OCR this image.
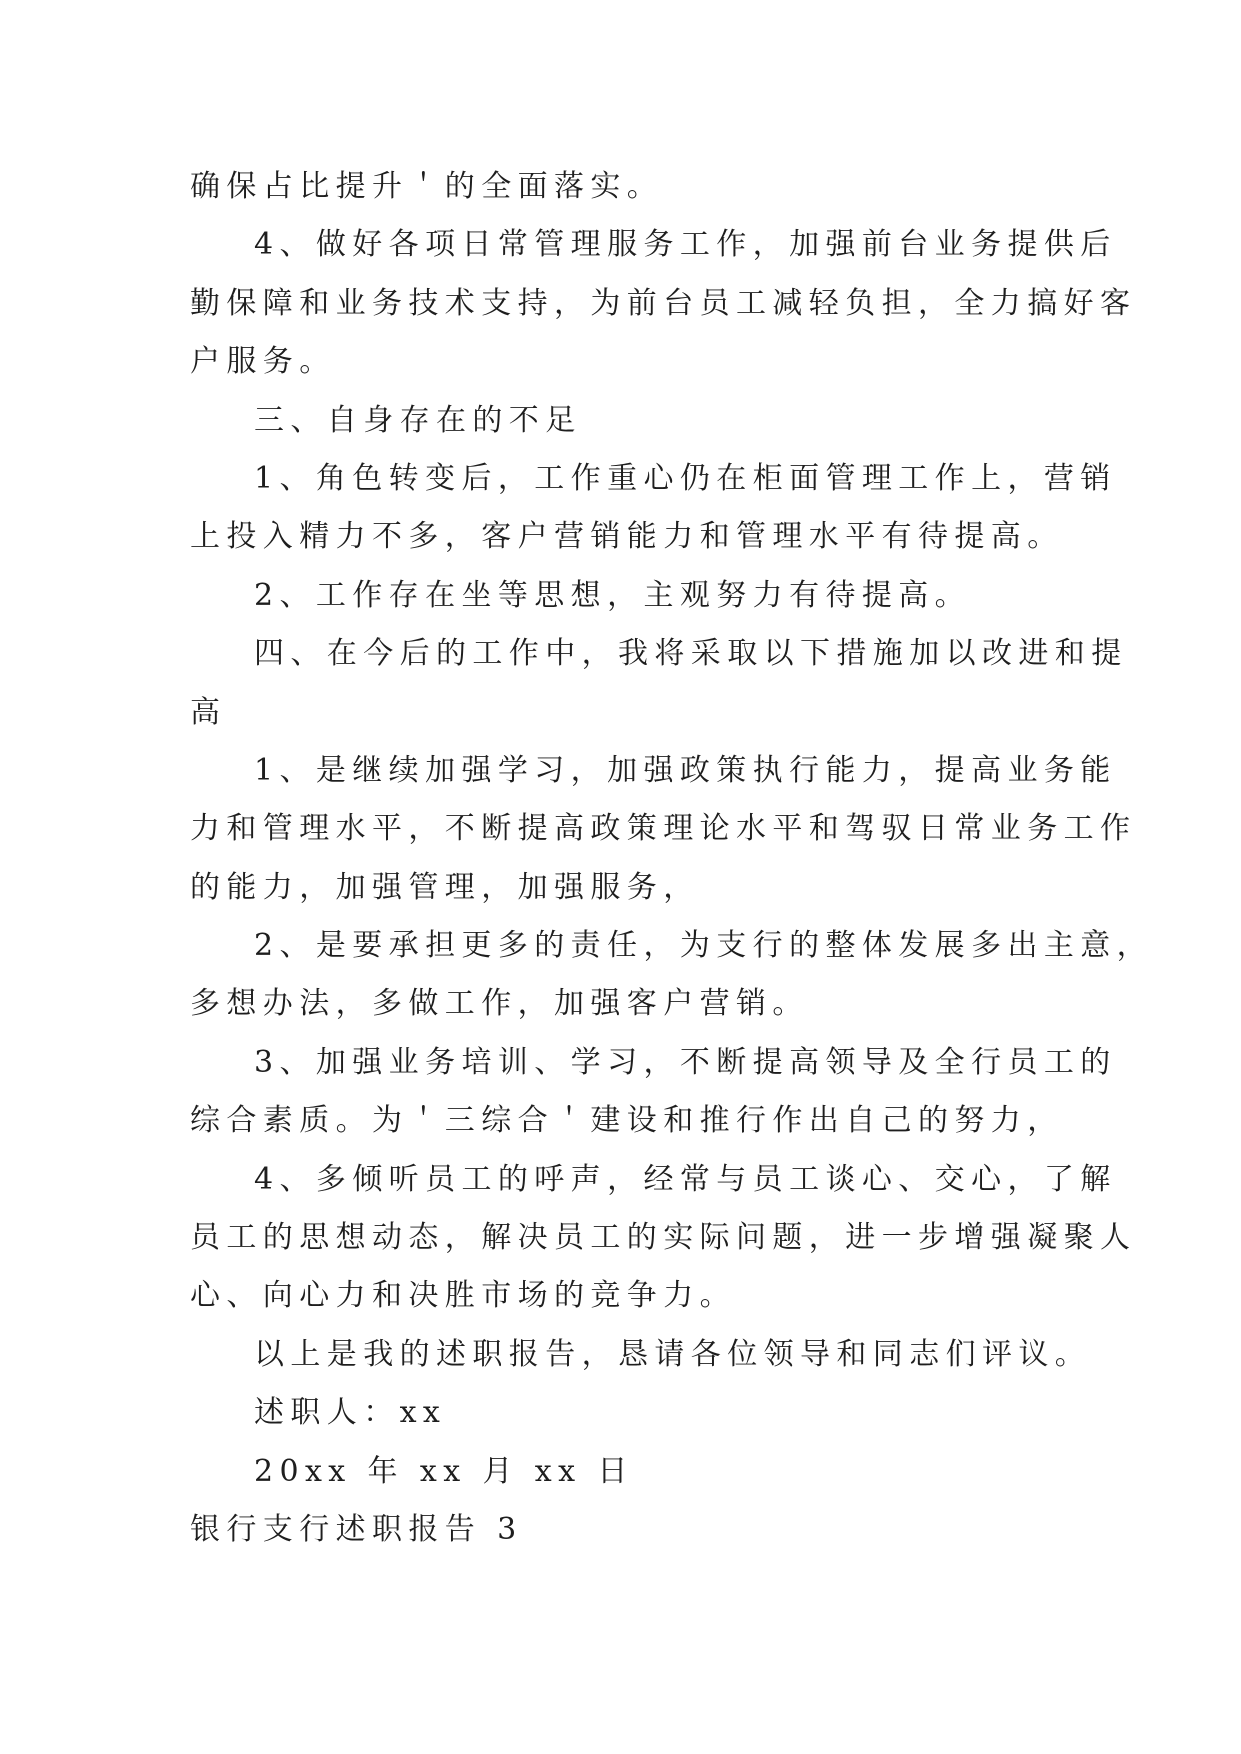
确保占比提升＇的全面落实。
4、做好各项日常管理服务工作，加强前台业务提供后
勤保障和业务技术支持，为前台员工减轻负担，全力搞好客
户服务。
三、自身存在的不足
1、角色转变后，工作重心仍在柜面管理工作上，营销
上投入精力不多，客户营销能力和管理水平有待提高。
2、工作存在坐等思想，主观努力有待提高。
四、在今后的工作中，我将采取以下措施加以改进和提
高
1、是继续加强学习，加强政策执行能力，提高业务能
力和管理水平，不断提高政策理论水平和驾驭日常业务工作
的能力，加强管理，加强服务，
2、是要承担更多的责任，为支行的整体发展多出主意，
多想办法，多做工作，加强客户营销。
3、加强业务培训、学习，不断提高领导及全行员工的
综合素质。为＇三综合＇建设和推行作出自己的努力，
4、多倾听员工的呼声，经常与员工谈心、交心，了解
员工的思想动态，解决员工的实际问题，进一步增强凝聚人
心、向心力和决胜市场的竞争力。
以上是我的述职报告，恳请各位领导和同志们评议。
述职人：xx
20xx 年 xx 月 xx 日
银行支行述职报告 3
